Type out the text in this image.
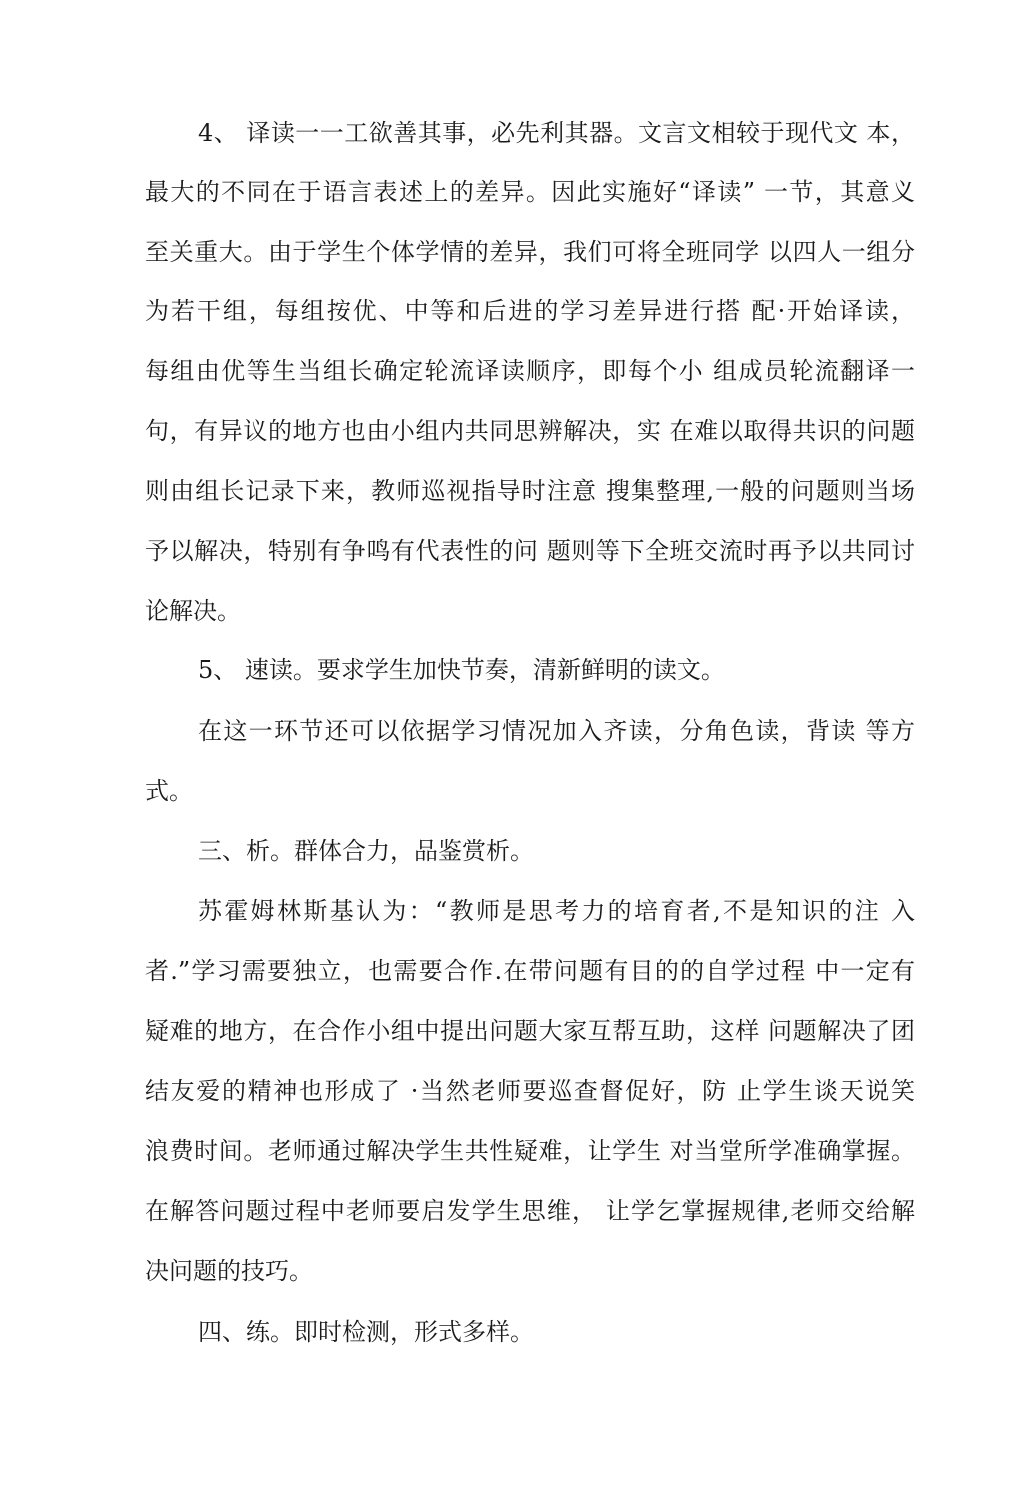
4、 译读一一工欲善其事，必先利其器。文言文相较于现代文 本，
最大的不同在于语言表述上的差异。因此实施好“译读” 一节，其意义
至关重大。由于学生个体学情的差异，我们可将全班同学 以四人一组分
为若干组，每组按优、中等和后进的学习差异进行搭 配·开始译读，
每组由优等生当组长确定轮流译读顺序，即每个小 组成员轮流翻译一
句，有异议的地方也由小组内共同思辨解决，实 在难以取得共识的问题
则由组长记录下来，教师巡视指导时注意 搜集整理,一般的问题则当场
予以解决，特别有争鸣有代表性的问 题则等下全班交流时再予以共同讨
论解决。
5、 速读。要求学生加快节奏，清新鲜明的读文。
在这一环节还可以依据学习情况加入齐读，分角色读，背读 等方
式。
三、析。群体合力，品鉴赏析。
苏霍姆林斯基认为：“教师是思考力的培育者,不是知识的注 入
者.”学习需要独立，也需要合作.在带问题有目的的自学过程 中一定有
疑难的地方，在合作小组中提出问题大家互帮互助，这样 问题解决了团
结友爱的精神也形成了 ·当然老师要巡查督促好，防 止学生谈天说笑
浪费时间。老师通过解决学生共性疑难，让学生 对当堂所学准确掌握。
在解答问题过程中老师要启发学生思维， 让学乞掌握规律,老师交给解
决问题的技巧。
四、练。即时检测，形式多样。
